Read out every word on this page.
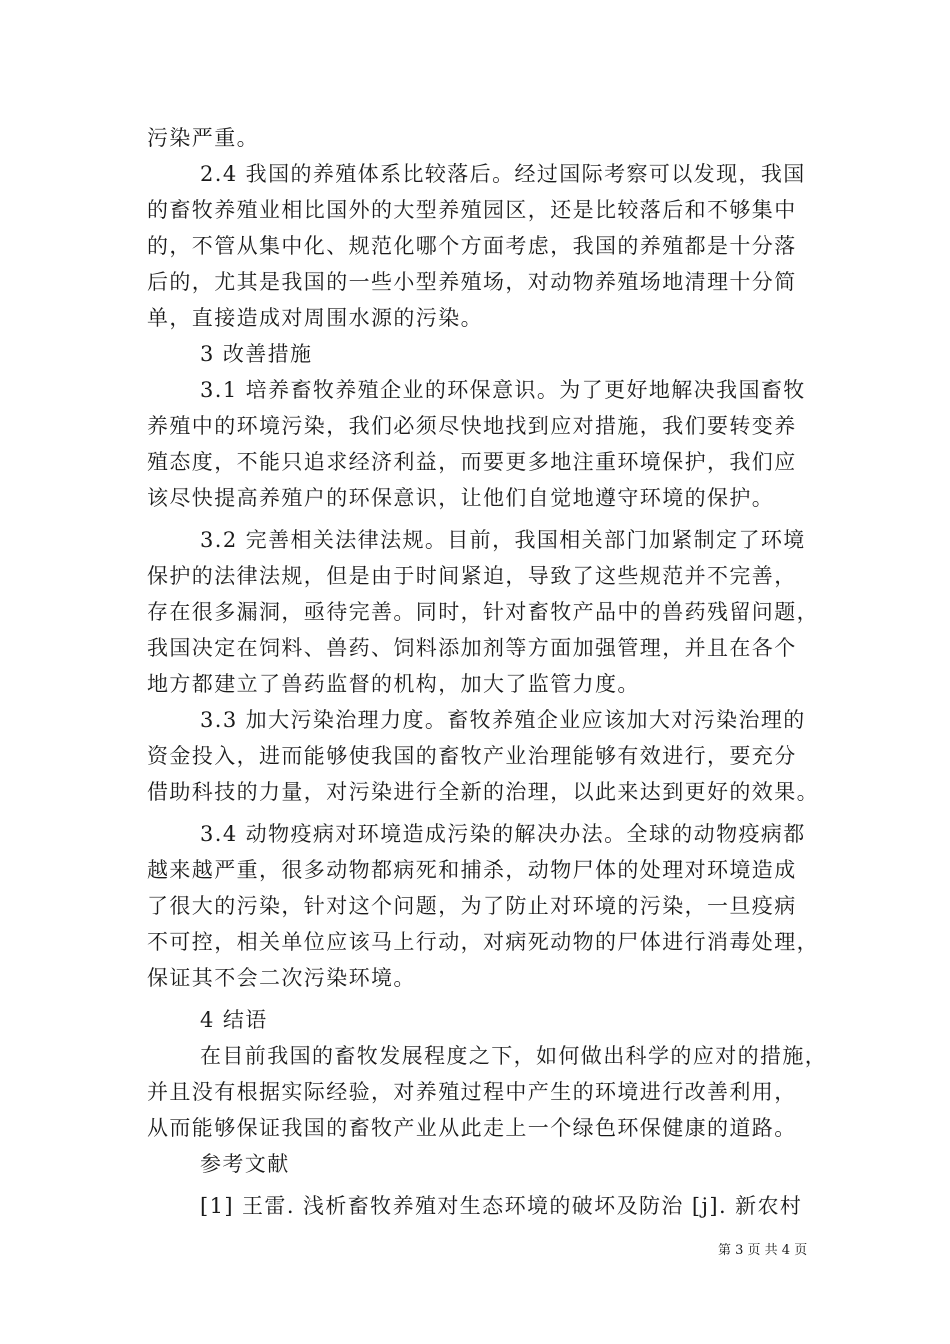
污染严重。
2.4 我国的养殖体系比较落后。经过国际考察可以发现，我国
的畜牧养殖业相比国外的大型养殖园区，还是比较落后和不够集中
的，不管从集中化、规范化哪个方面考虑，我国的养殖都是十分落
后的，尤其是我国的一些小型养殖场，对动物养殖场地清理十分简
单，直接造成对周围水源的污染。
3 改善措施
3.1 培养畜牧养殖企业的环保意识。为了更好地解决我国畜牧
养殖中的环境污染，我们必须尽快地找到应对措施，我们要转变养
殖态度，不能只追求经济利益，而要更多地注重环境保护，我们应
该尽快提高养殖户的环保意识，让他们自觉地遵守环境的保护。
3.2 完善相关法律法规。目前，我国相关部门加紧制定了环境
保护的法律法规，但是由于时间紧迫，导致了这些规范并不完善，
存在很多漏洞，亟待完善。同时，针对畜牧产品中的兽药残留问题，
我国决定在饲料、兽药、饲料添加剂等方面加强管理，并且在各个
地方都建立了兽药监督的机构，加大了监管力度。
3.3 加大污染治理力度。畜牧养殖企业应该加大对污染治理的
资金投入，进而能够使我国的畜牧产业治理能够有效进行，要充分
借助科技的力量，对污染进行全新的治理，以此来达到更好的效果。
3.4 动物疫病对环境造成污染的解决办法。全球的动物疫病都
越来越严重，很多动物都病死和捕杀，动物尸体的处理对环境造成
了很大的污染，针对这个问题，为了防止对环境的污染，一旦疫病
不可控，相关单位应该马上行动，对病死动物的尸体进行消毒处理，
保证其不会二次污染环境。
4 结语
在目前我国的畜牧发展程度之下，如何做出科学的应对的措施，
并且没有根据实际经验，对养殖过程中产生的环境进行改善利用，
从而能够保证我国的畜牧产业从此走上一个绿色环保健康的道路。
参考文献
[1] 王雷. 浅析畜牧养殖对生态环境的破坏及防治 [j]. 新农村
第 3 页 共 4 页
